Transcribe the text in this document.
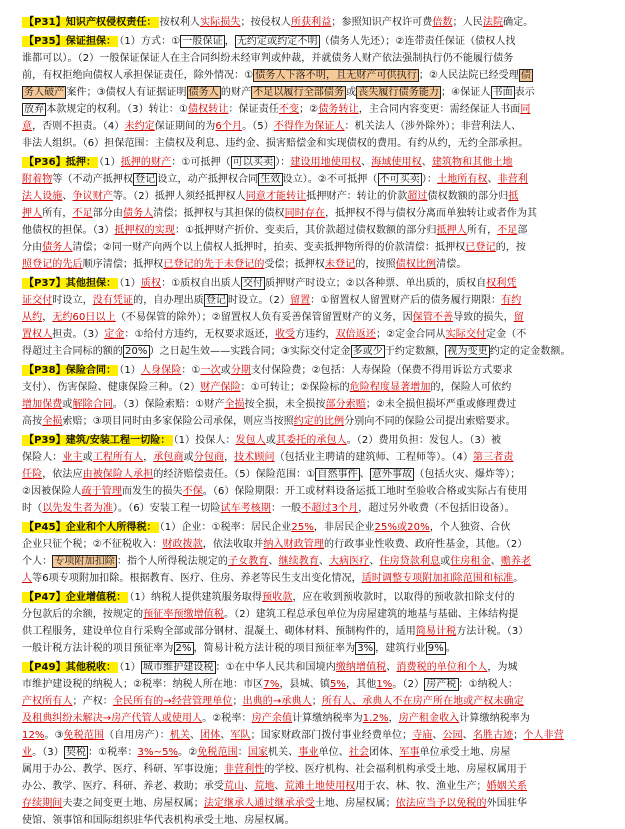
【P31】知识产权侵权责任： 按权利人实际损失；按侵权人所获利益；参照知识产权许可费倍数；人民法院确定。
【P35】保证担保： （1）方式：① 一般保证 ， 无约定或约定不明 （债务人先还）；②连带责任保证（债权人找
谁都可以）。（2）一般保证保证人在主合同纠纷未经审判或仲裁，并就债务人财产依法强制执行仍不能履行债务
前，有权拒绝向债权人承担保证责任，除外情况：① 债务人下落不明，且无财产可供执行 ；②人民法院已经受理 债
务人破产 案件；③债权人有证据证明 债务人 的财产 不足以履行全部债务 或 丧失履行债务能力 ；④保证人 书面 表示
放弃 本款规定的权利。（3）转让：①债权转让：保证责任不变；②债务转让，主合同内容变更：需经保证人书面同
意，否则不担责。（4）未约定保证期间的为6个月。（5）不得作为保证人：机关法人（涉外除外）；非营利法人、
非法人组织。（6）担保范围：主债权及利息、违约金、损害赔偿金和实现债权的费用。有约从约，无约全部承担。
【P36】抵押： （1）抵押的财产：①可抵押（ 可以买卖 ）：建设用地使用权、海域使用权、建筑物和其他土地
附着物等（不动产抵押权 登记 设立，动产抵押权合同 生效 设立）。②不可抵押（ 不可买卖 ）：土地所有权、非营利
法人设施、争议财产等。（2）抵押人须经抵押权人同意才能转让抵押财产：转让的价款超过债权数额的部分归抵
押人所有，不足部分由债务人清偿；抵押权与其担保的债权同时存在，抵押权不得与债权分离而单独转让或者作为其
他债权的担保。（3）抵押权的实现：①抵押财产折价、变卖后，其价款超过债权数额的部分归抵押人所有，不足部
分由债务人清偿；②同一财产向两个以上债权人抵押时，拍卖、变卖抵押物所得的价款清偿：抵押权已登记的，按
照登记的先后顺序清偿；抵押权已登记的先于未登记的受偿；抵押权未登记的，按照债权比例清偿。
【P37】其他担保： （1）质权：①质权自出质人 交付 质押财产时设立；②以各种票、单出质的，质权自权利凭
证交付时设立，没有凭证的，自办理出质 登记 时设立。（2）留置：①留置权人留置财产后的债务履行期限：有约
从约，无约60日以上（不易保管的除外）；②留置权人负有妥善保管留置财产的义务，因保管不善导致的损失，留
置权人担责。（3）定金：①给付方违约，无权要求返还，收受方违约，双倍返还；②定金合同从实际交付定金（不
得超过主合同标的额的 20% ）之日起生效——实践合同；③实际交付定金 多或少 于约定数额， 视为变更 约定的定金数额。
【P38】保险合同： （1）人身保险：①一次或分期支付保险费；②包括：人寿保险（保费不得用诉讼方式要求
支付）、伤害保险、健康保险三种。（2）财产保险：①可转让；②保险标的危险程度显著增加的，保险人可依约
增加保费或解除合同。（3）保险索赔：①财产全损按全损，未全损按部分索赔；②未全损但损坏严重或修理费过
高按全损索赔；③项目同时由多家保险公司承保，则应当按照约定的比例分别向不同的保险公司提出索赔要求。
【P39】建筑/安装工程一切险： （1）投保人：发包人或其委托的承包人。（2）费用负担：发包人。（3）被
保险人：业主或工程所有人，承包商或分包商，技术顾问（包括业主聘请的建筑师、工程师等）。（4）第三者责
任险，依法应由被保险人承担的经济赔偿责任。（5）保险范围：① 自然事件 、 意外事故 （包括火灾、爆炸等）；
②因被保险人疏于管理而发生的损失不保。（6）保险期限：开工或材料设备运抵工地时至验收合格或实际占有使用
时（以先发生者为准）。（6）安装工程一切险试车考核期：一般不超过3个月，超过另外收费（不包括旧设备）。
【P45】企业和个人所得税： （1）企业：①税率：居民企业25%，非居民企业25%或20%，个人独资、合伙
企业只征个税；②不征税收入：财政拨款，依法收取并纳入财政管理的行政事业性收费、政府性基金，其他。（2）
个人： 专项附加扣除 ：指个人所得税法规定的子女教育、继续教育、大病医疗、住房贷款利息或住房租金、赡养老
人等6项专项附加扣除。根据教育、医疗、住房、养老等民生支出变化情况，适时调整专项附加扣除范围和标准。
【P47】企业增值税： （1）纳税人提供建筑服务取得预收款，应在收到预收款时，以取得的预收款扣除支付的
分包款后的余额，按规定的预征率预缴增值税。（2）建筑工程总承包单位为房屋建筑的地基与基础、主体结构提
供工程服务，建设单位自行采购全部或部分钢材、混凝土、砌体材料、预制构件的，适用简易计税方法计税。（3）
一般计税方法计税的项目预征率为 2% ，简易计税方法计税的项目预征率为 3% ，建筑行业 9% 。
【P49】其他税收： （1） 城市维护建设税 ：①在中华人民共和国境内缴纳增值税、消费税的单位和个人，为城
市维护建设税的纳税人；②税率：纳税人所在地：市区7%，县城、镇5%，其他1%。（2） 房产税 ：①纳税人：
产权所有人；产权：全民所有的→经营管理单位；出典的→承典人；所有人、承典人不在房产所在地或产权未确定
及租典纠纷未解决→房产代管人或使用人。②税率：房产余值计算缴纳税率为1.2%，房产租金收入计算缴纳税率为
12%。③免税范围（自用房产）：机关、团体、军队；国家财政部门拨付事业经费单位；寺庙、公园、名胜古迹；个人非营
业。（3） 契税 ：①税率：3%~5%。②免税范围：国家机关、事业单位、社会团体、军事单位承受土地、房屋
属用于办公、教学、医疗、科研、军事设施；非营利性的学校、医疗机构、社会福利机构承受土地、房屋权属用于
办公、教学、医疗、科研、养老、救助；承受荒山、荒地、荒滩土地使用权用于农、林、牧、渔业生产；婚姻关系
存续期间夫妻之间变更土地、房屋权属；法定继承人通过继承承受土地、房屋权属；依法应当予以免税的外国驻华
使馆、领事馆和国际组织驻华代表机构承受土地、房屋权属。
